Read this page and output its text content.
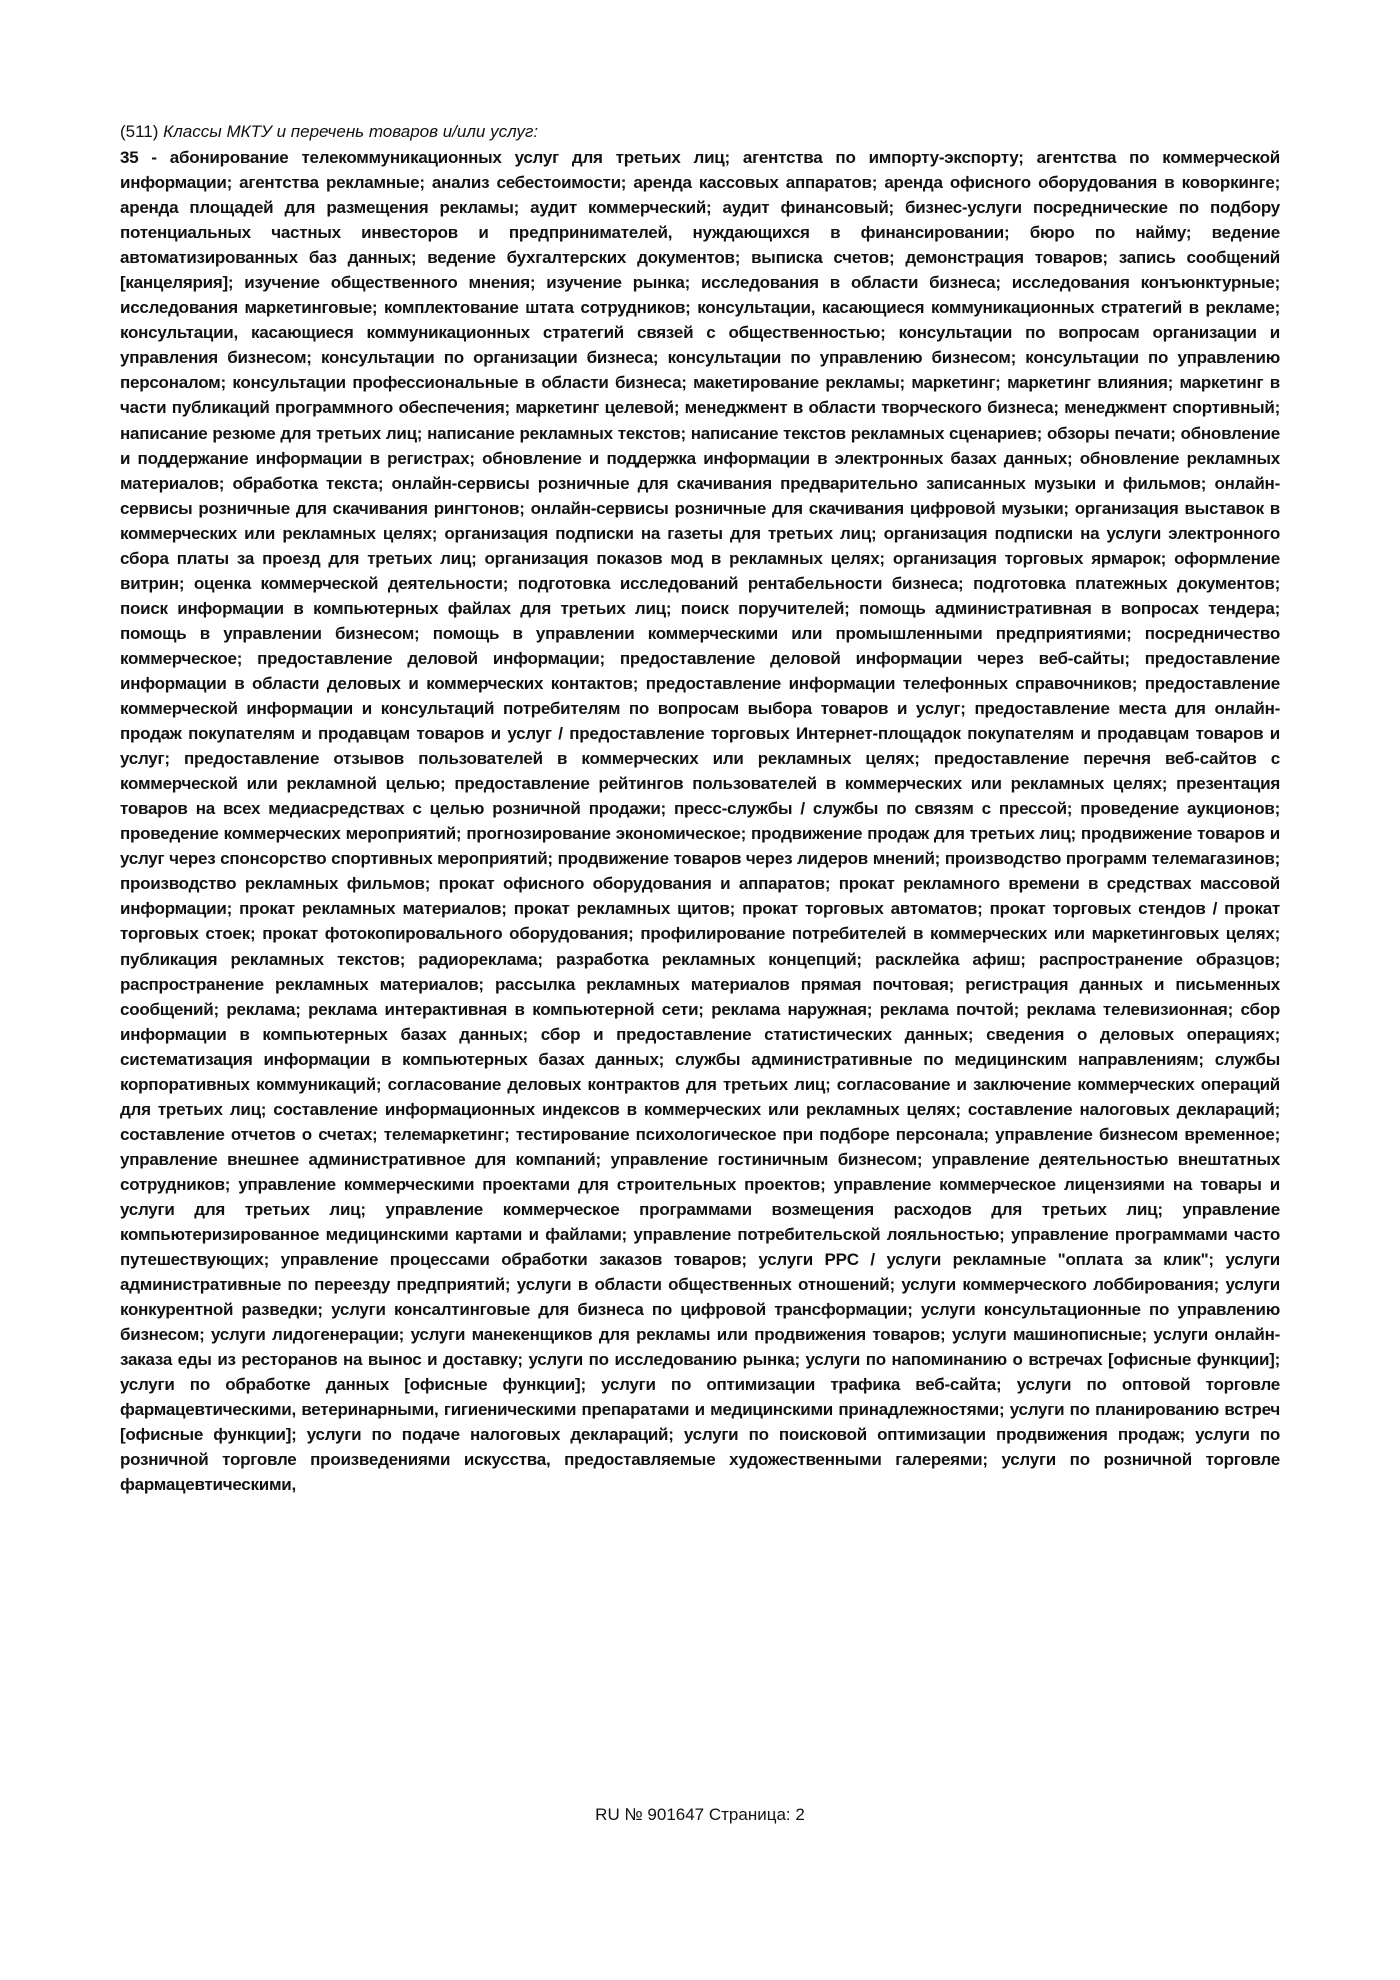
(511) Классы МКТУ и перечень товаров и/или услуг:

35 - абонирование телекоммуникационных услуг для третьих лиц; агентства по импорту-экспорту; агентства по коммерческой информации; агентства рекламные; анализ себестоимости; аренда кассовых аппаратов; аренда офисного оборудования в коворкинге; аренда площадей для размещения рекламы; аудит коммерческий; аудит финансовый; бизнес-услуги посреднические по подбору потенциальных частных инвесторов и предпринимателей, нуждающихся в финансировании; бюро по найму; ведение автоматизированных баз данных; ведение бухгалтерских документов; выписка счетов; демонстрация товаров; запись сообщений [канцелярия]; изучение общественного мнения; изучение рынка; исследования в области бизнеса; исследования конъюнктурные; исследования маркетинговые; комплектование штата сотрудников; консультации, касающиеся коммуникационных стратегий в рекламе; консультации, касающиеся коммуникационных стратегий связей с общественностью; консультации по вопросам организации и управления бизнесом; консультации по организации бизнеса; консультации по управлению бизнесом; консультации по управлению персоналом; консультации профессиональные в области бизнеса; макетирование рекламы; маркетинг; маркетинг влияния; маркетинг в части публикаций программного обеспечения; маркетинг целевой; менеджмент в области творческого бизнеса; менеджмент спортивный; написание резюме для третьих лиц; написание рекламных текстов; написание текстов рекламных сценариев; обзоры печати; обновление и поддержание информации в регистрах; обновление и поддержка информации в электронных базах данных; обновление рекламных материалов; обработка текста; онлайн-сервисы розничные для скачивания предварительно записанных музыки и фильмов; онлайн-сервисы розничные для скачивания рингтонов; онлайн-сервисы розничные для скачивания цифровой музыки; организация выставок в коммерческих или рекламных целях; организация подписки на газеты для третьих лиц; организация подписки на услуги электронного сбора платы за проезд для третьих лиц; организация показов мод в рекламных целях; организация торговых ярмарок; оформление витрин; оценка коммерческой деятельности; подготовка исследований рентабельности бизнеса; подготовка платежных документов; поиск информации в компьютерных файлах для третьих лиц; поиск поручителей; помощь административная в вопросах тендера; помощь в управлении бизнесом; помощь в управлении коммерческими или промышленными предприятиями; посредничество коммерческое; предоставление деловой информации; предоставление деловой информации через веб-сайты; предоставление информации в области деловых и коммерческих контактов; предоставление информации телефонных справочников; предоставление коммерческой информации и консультаций потребителям по вопросам выбора товаров и услуг; предоставление места для онлайн-продаж покупателям и продавцам товаров и услуг / предоставление торговых Интернет-площадок покупателям и продавцам товаров и услуг; предоставление отзывов пользователей в коммерческих или рекламных целях; предоставление перечня веб-сайтов с коммерческой или рекламной целью; предоставление рейтингов пользователей в коммерческих или рекламных целях; презентация товаров на всех медиасредствах с целью розничной продажи; пресс-службы / службы по связям с прессой; проведение аукционов; проведение коммерческих мероприятий; прогнозирование экономическое; продвижение продаж для третьих лиц; продвижение товаров и услуг через спонсорство спортивных мероприятий; продвижение товаров через лидеров мнений; производство программ телемагазинов; производство рекламных фильмов; прокат офисного оборудования и аппаратов; прокат рекламного времени в средствах массовой информации; прокат рекламных материалов; прокат рекламных щитов; прокат торговых автоматов; прокат торговых стендов / прокат торговых стоек; прокат фотокопировального оборудования; профилирование потребителей в коммерческих или маркетинговых целях; публикация рекламных текстов; радиореклама; разработка рекламных концепций; расклейка афиш; распространение образцов; распространение рекламных материалов; рассылка рекламных материалов прямая почтовая; регистрация данных и письменных сообщений; реклама; реклама интерактивная в компьютерной сети; реклама наружная; реклама почтой; реклама телевизионная; сбор информации в компьютерных базах данных; сбор и предоставление статистических данных; сведения о деловых операциях; систематизация информации в компьютерных базах данных; службы административные по медицинским направлениям; службы корпоративных коммуникаций; согласование деловых контрактов для третьих лиц; согласование и заключение коммерческих операций для третьих лиц; составление информационных индексов в коммерческих или рекламных целях; составление налоговых деклараций; составление отчетов о счетах; телемаркетинг; тестирование психологическое при подборе персонала; управление бизнесом временное; управление внешнее административное для компаний; управление гостиничным бизнесом; управление деятельностью внештатных сотрудников; управление коммерческими проектами для строительных проектов; управление коммерческое лицензиями на товары и услуги для третьих лиц; управление коммерческое программами возмещения расходов для третьих лиц; управление компьютеризированное медицинскими картами и файлами; управление потребительской лояльностью; управление программами часто путешествующих; управление процессами обработки заказов товаров; услуги PPC / услуги рекламные "оплата за клик"; услуги административные по переезду предприятий; услуги в области общественных отношений; услуги коммерческого лоббирования; услуги конкурентной разведки; услуги консалтинговые для бизнеса по цифровой трансформации; услуги консультационные по управлению бизнесом; услуги лидогенерации; услуги манекенщиков для рекламы или продвижения товаров; услуги машинописные; услуги онлайн-заказа еды из ресторанов на вынос и доставку; услуги по исследованию рынка; услуги по напоминанию о встречах [офисные функции]; услуги по обработке данных [офисные функции]; услуги по оптимизации трафика веб-сайта; услуги по оптовой торговле фармацевтическими, ветеринарными, гигиеническими препаратами и медицинскими принадлежностями; услуги по планированию встреч [офисные функции]; услуги по подаче налоговых деклараций; услуги по поисковой оптимизации продвижения продаж; услуги по розничной торговле произведениями искусства, предоставляемые художественными галереями; услуги по розничной торговле фармацевтическими,

RU № 901647 Страница: 2
